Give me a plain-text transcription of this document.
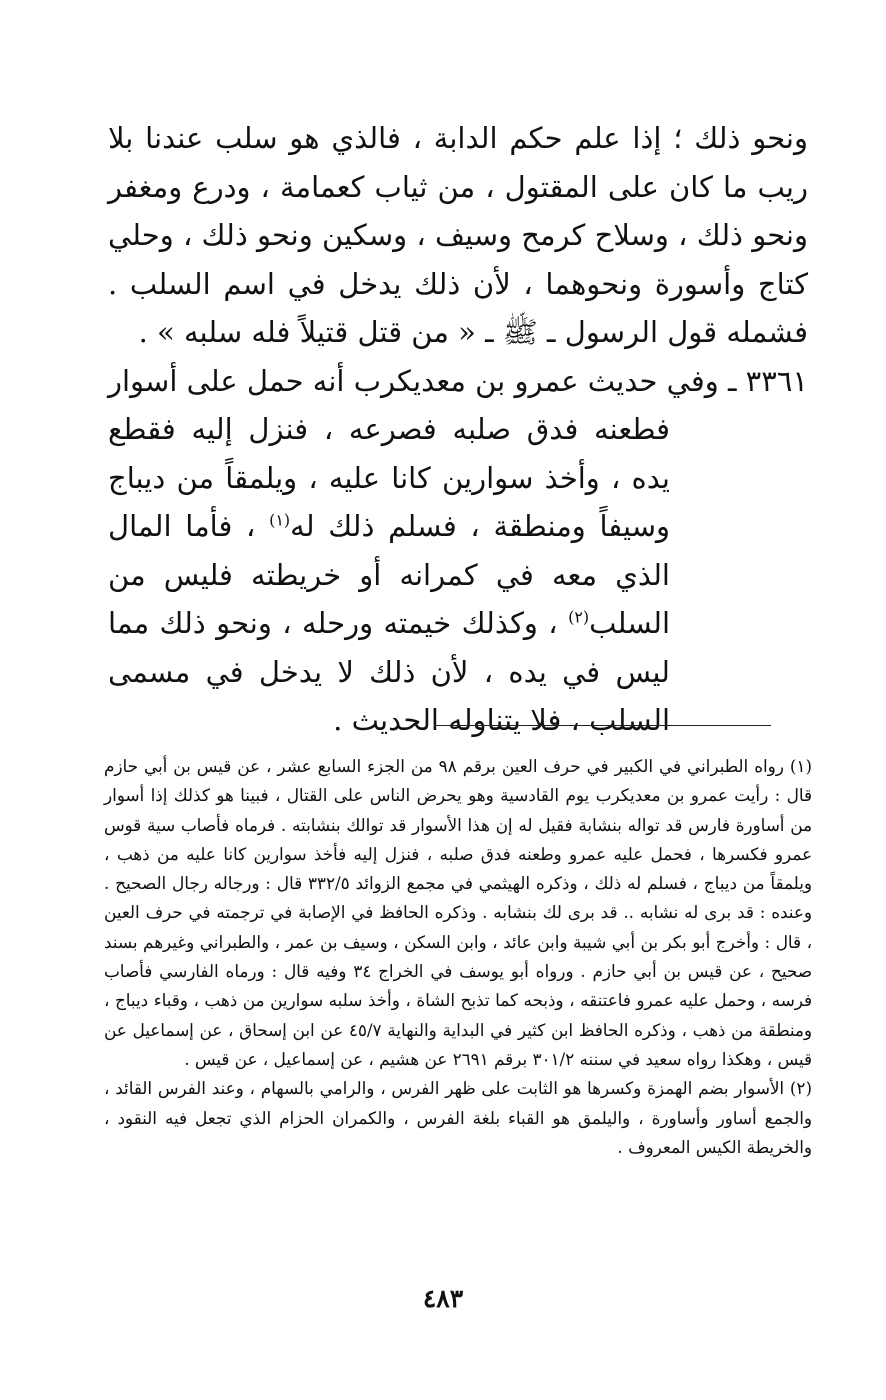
ونحو ذلك ؛ إذا علم حكم الدابة ، فالذي هو سلب عندنا بلا ريب ما كان على المقتول ، من ثياب كعمامة ، ودرع ومغفر ونحو ذلك ، وسلاح كرمح وسيف ، وسكين ونحو ذلك ، وحلي كتاج وأسورة ونحوهما ، لأن ذلك يدخل في اسم السلب . فشمله قول الرسول ـ ﷺ ـ « من قتل قتيلاً فله سلبه » .

٣٣٦١ ـ وفي حديث عمرو بن معديكرب أنه حمل على أسوار فطعنه فدق صلبه فصرعه ، فنزل إليه فقطع يده ، وأخذ سوارين كانا عليه ، ويلمقاً من ديباج وسيفاً ومنطقة ، فسلم ذلك له$^{(١)}$ ، فأما المال الذي معه في كمرانه أو خريطته فليس من السلب$^{(٢)}$ ، وكذلك خيمته ورحله ، ونحو ذلك مما ليس في يده ، لأن ذلك لا يدخل في مسمى السلب ، فلا يتناوله الحديث .

(١) رواه الطبراني في الكبير في حرف العين برقم ٩٨ من الجزء السابع عشر ، عن قيس بن أبي حازم قال : رأيت عمرو بن معديكرب يوم القادسية وهو يحرض الناس على القتال ، فبينا هو كذلك إذا أسوار من أساورة فارس قد تواله بنشابة فقيل له إن هذا الأسوار قد توالك بنشابته . فرماه فأصاب سية قوس عمرو فكسرها ، فحمل عليه عمرو وطعنه فدق صلبه ، فنزل إليه فأخذ سوارين كانا عليه من ذهب ، ويلمقاً من ديباج ، فسلم له ذلك ، وذكره الهيثمي في مجمع الزوائد ٣٣٢/٥ قال : ورجاله رجال الصحيح . وعنده : قد برى له نشابه .. قد برى لك بنشابه . وذكره الحافظ في الإصابة في ترجمته في حرف العين ، قال : وأخرج أبو بكر بن أبي شيبة وابن عائد ، وابن السكن ، وسيف بن عمر ، والطبراني وغيرهم بسند صحيح ، عن قيس بن أبي حازم . ورواه أبو يوسف في الخراج ٣٤ وفيه قال : ورماه الفارسي فأصاب فرسه ، وحمل عليه عمرو فاعتنقه ، وذبحه كما تذبح الشاة ، وأخذ سلبه سوارين من ذهب ، وقباء ديباج ، ومنطقة من ذهب ، وذكره الحافظ ابن كثير في البداية والنهاية ٤٥/٧ عن ابن إسحاق ، عن إسماعيل عن قيس ، وهكذا رواه سعيد في سننه ٣٠١/٢ برقم ٢٦٩١ عن هشيم ، عن إسماعيل ، عن قيس .

(٢) الأسوار بضم الهمزة وكسرها هو الثابت على ظهر الفرس ، والرامي بالسهام ، وعند الفرس القائد ، والجمع أساور وأساورة ، واليلمق هو القباء بلغة الفرس ، والكمران الحزام الذي تجعل فيه النقود ، والخريطة الكيس المعروف .

٤٨٣
